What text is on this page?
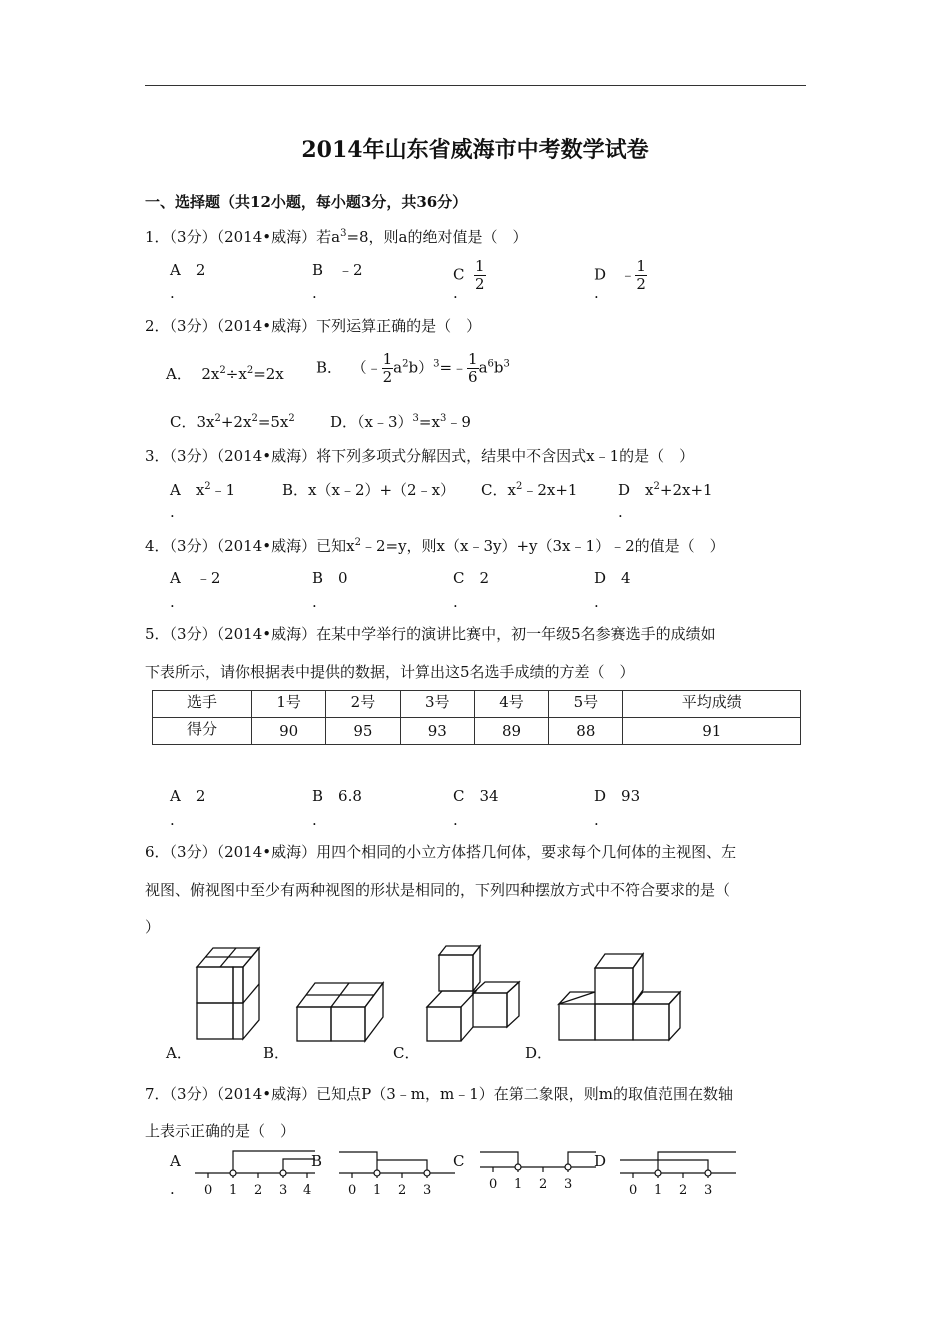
2014年山东省威海市中考数学试卷
一、选择题（共12小题，每小题3分，共36分）
1．（3分）（2014•威海）若$a^3=8$，则a的绝对值是（　）
A　2	B　﹣2	C $\frac{1}{2}$	D ﹣ $\frac{1}{2}$
.	.	.	.
2．（3分）（2014•威海）下列运算正确的是（　）
A． $2x^2\div x^2=2x$ B． （﹣ $\frac{1}{2}$ $a^2b)^3=﹣ \frac{1}{6} a^6b^3$
C．$3x^2+2x^2=5x^2$ D．$(x﹣3)^3=x^3﹣9$
3．（3分）（2014•威海）将下列多项式分解因式，结果中不含因式x﹣1的是（　）
A　$x^2﹣1$	B．x（x﹣2）+（2﹣x） C．$x^2﹣2x+1$	D　$x^2+2x+1$
.	.
4．（3分）（2014•威海）已知$x^2﹣2=y$，则x（x﹣3y）+y（3x﹣1）﹣2的值是（　）
A　﹣2	B　0	C　2	D　4
.	.	.	.
5．（3分）（2014•威海）在某中学举行的演讲比赛中，初一年级5名参赛选手的成绩如
下表所示，请你根据表中提供的数据，计算出这5名选手成绩的方差（　）
选手	1号	2号	3号	4号	5号	平均成绩
得分	90	95	93	89	88	91
A　2	B　6.8	C　34	D　93
.	.	.	.
6．（3分）（2014•威海）用四个相同的小立方体搭几何体，要求每个几何体的主视图、左
视图、俯视图中至少有两种视图的形状是相同的，下列四种摆放方式中不符合要求的是（
）
A．	B．	C．	D．
7．（3分）（2014•威海）已知点P（3﹣m，m﹣1）在第二象限，则m的取值范围在数轴
上表示正确的是（　）
A	B	C	D
. 0 1 2 3 4	0 1 2 3	0 1 2 3	0 1 2 3
